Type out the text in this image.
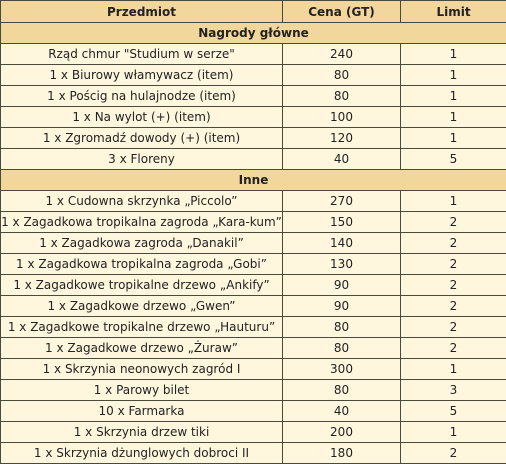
Przedmiot	Cena (GT)	Limit
Nagrody główne		
Rząd chmur "Studium w serze"	240	1
1 x Biurowy włamywacz (item)	80	1
1 x Pościg na hulajnodze (item)	80	1
1 x Na wylot (+) (item)	100	1
1 x Zgromadź dowody (+) (item)	120	1
3 x Floreny	40	5
Inne		
1 x Cudowna skrzynka „Piccolo”	270	1
1 x Zagadkowa tropikalna zagroda „Kara-kum”	150	2
1 x Zagadkowa zagroda „Danakil”	140	2
1 x Zagadkowa tropikalna zagroda „Gobi”	130	2
1 x Zagadkowe tropikalne drzewo „Ankify”	90	2
1 x Zagadkowe drzewo „Gwen”	90	2
1 x Zagadkowe tropikalne drzewo „Hauturu”	80	2
1 x Zagadkowe drzewo „Żuraw”	80	2
1 x Skrzynia neonowych zagród I	300	1
1 x Parowy bilet	80	3
10 x Farmarka	40	5
1 x Skrzynia drzew tiki	200	1
1 x Skrzynia dżunglowych dobroci II	180	2
